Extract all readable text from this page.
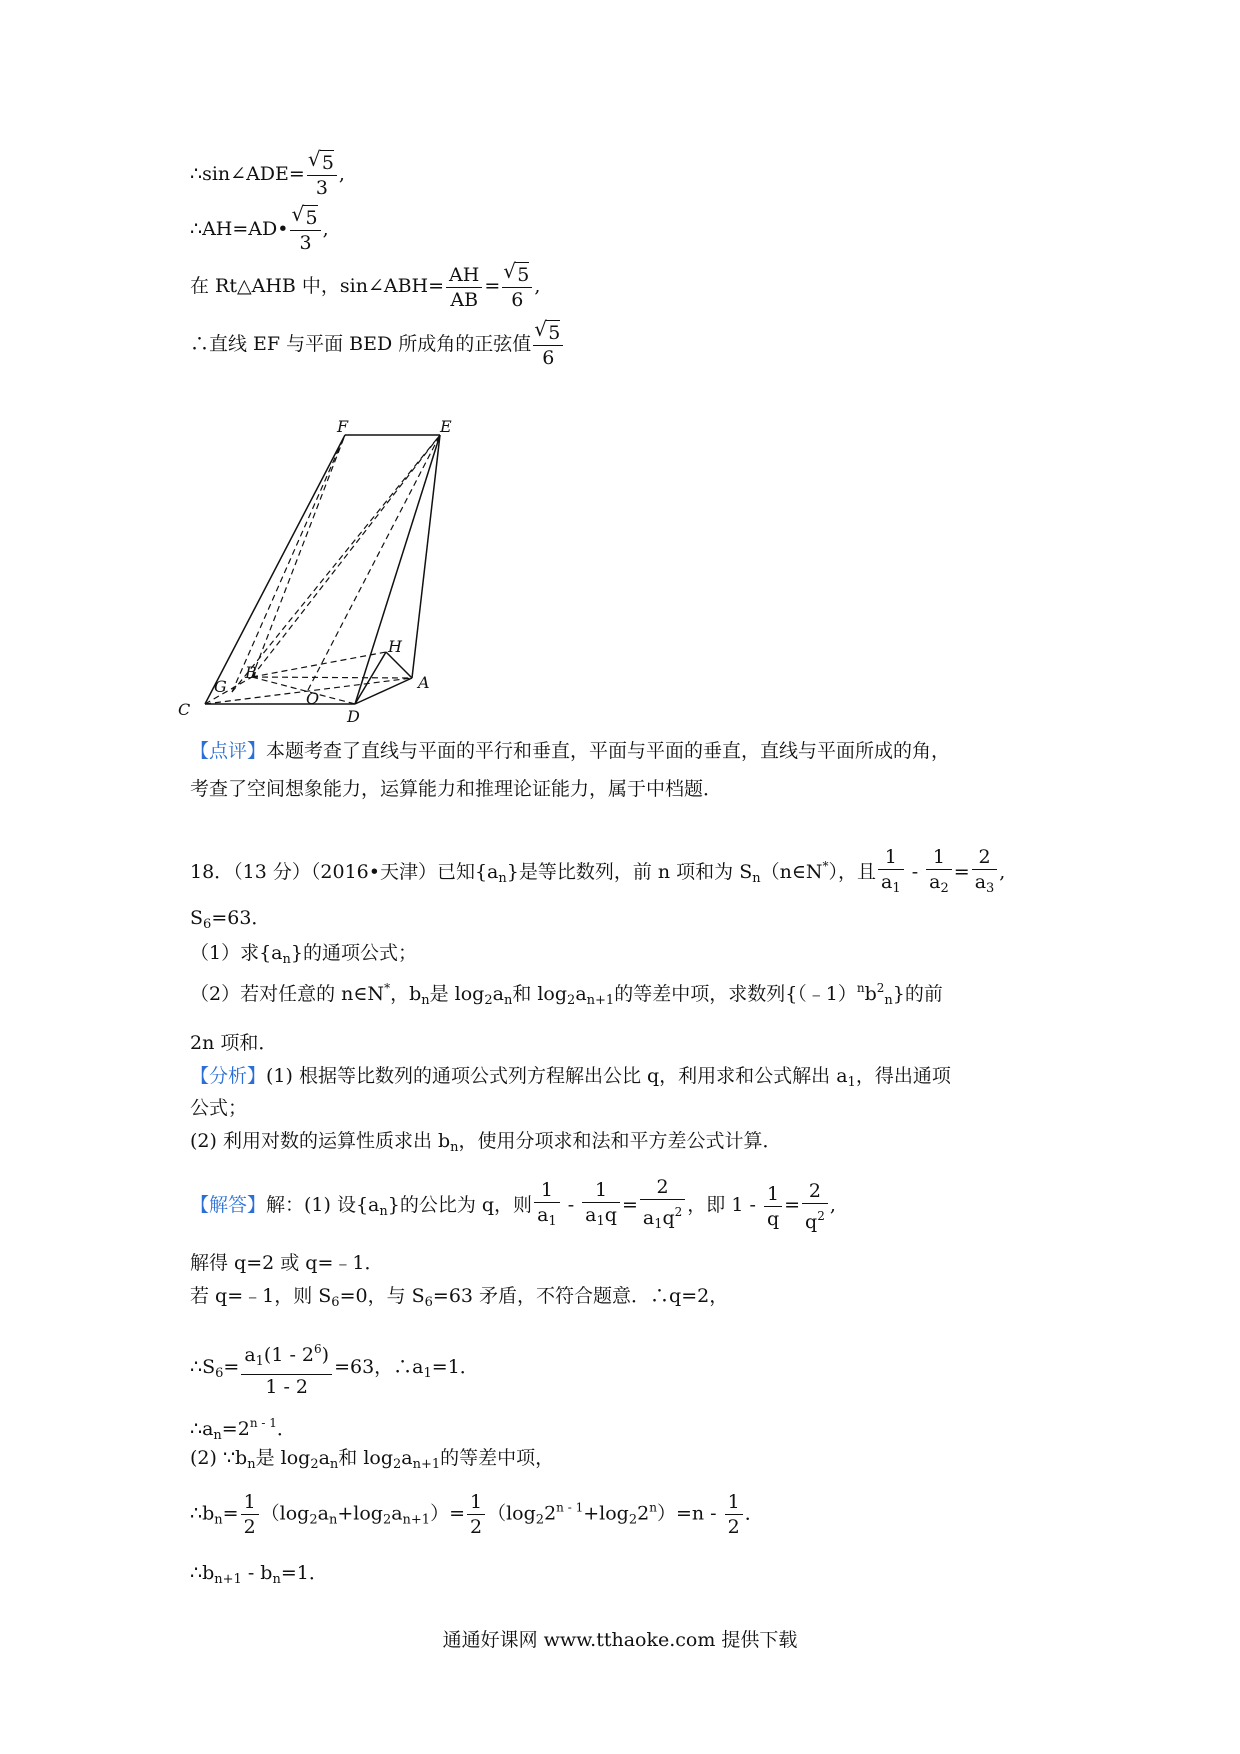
∴sin∠ADE= √ $\frac{5}{3}$ ,
∴AH=AD• √ $\frac{5}{3}$ ,
在 Rt△AHB 中，sin∠ABH= $\frac{AH}{AB}$ = √ $\frac{5}{6}$ ,
∴直线 EF 与平面 BED 所成角的正弦值 √ $\frac{5}{6}$
F	E
H
B
G	A
O
C	D
【点评】本题考查了直线与平面的平行和垂直，平面与平面的垂直，直线与平面所成的角，
考查了空间想象能力，运算能力和推理论证能力，属于中档题．
18．（13 分）（2016•天津）已知$\{a_n\}$是等比数列，前 n 项和为 $S_n(n\in N^*)$，且 $\frac{1}{a_1} - \frac{1}{a_2} = \frac{2}{a_3}$ ,
$S_6=63$．
（1）求$\{a_n\}$的通项公式；
（2）若对任意的 n∈N*，$b_n$是 $\log_2a_n$和 $\log_2a_{n+1}$的等差中项，求数列$\{(﹣1)^nb^2_n\}$的前
2n 项和．
【分析】(1) 根据等比数列的通项公式列方程解出公比 q，利用求和公式解出 $a_1$，得出通项
公式；
(2) 利用对数的运算性质求出 $b_n$，使用分项求和法和平方差公式计算．
【解答】解：(1) 设$\{a_n\}$的公比为 q，则 $\frac{1}{a_1} - \frac{1}{a_1q} = \frac{2}{a_1q^2}$ ，即 $1 - \frac{1}{q} = \frac{2}{q^2}$ ,
解得 q=2 或 q=﹣1．
若 q=﹣1，则 $S_6=0$，与 $S_6=63$ 矛盾，不符合题意．∴q=2，
$\therefore S_6= \frac{a_1(1 - 2^6)}{1 - 2} =63$，$\therefore a_1=1$．
$\therefore a_n=2^{n - 1}$．
(2) $\because b_n$是 $\log_2a_n$和 $\log_2a_{n+1}$的等差中项，
$\therefore b_n= \frac{1}{2} (\log_2a_n+\log_2a_{n+1})= \frac{1}{2} (\log_22^{n - 1}+\log_22^n)=n - \frac{1}{2}$ ．
$\therefore b_{n+1} - b_n=1$．
通通好课网 www.tthaoke.com 提供下载
